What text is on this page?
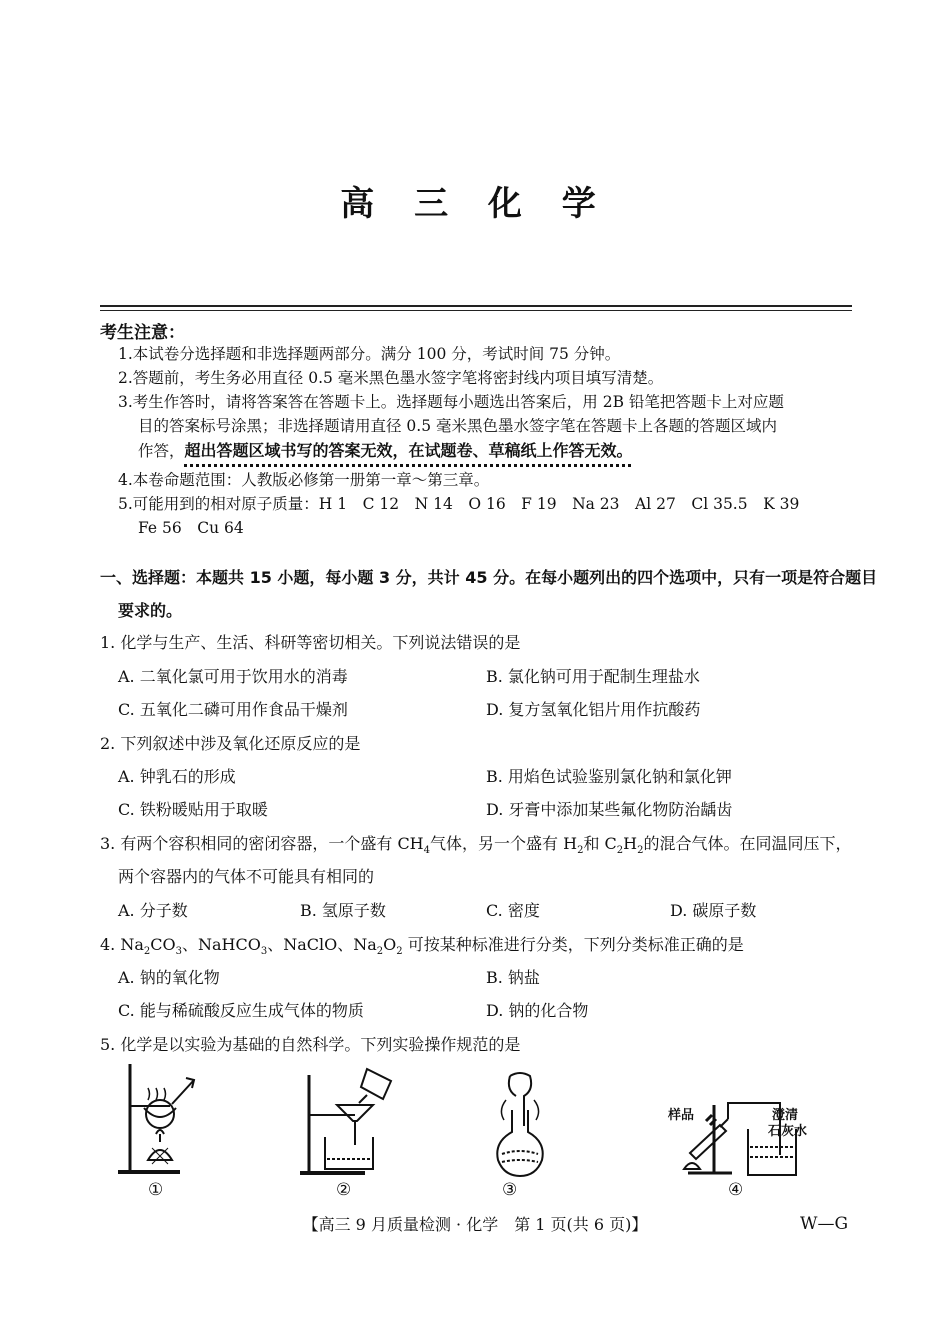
高 三 化 学
考生注意：
1.本试卷分选择题和非选择题两部分。满分 100 分，考试时间 75 分钟。
2.答题前，考生务必用直径 0.5 毫米黑色墨水签字笔将密封线内项目填写清楚。
3.考生作答时，请将答案答在答题卡上。选择题每小题选出答案后，用 2B 铅笔把答题卡上对应题
目的答案标号涂黑；非选择题请用直径 0.5 毫米黑色墨水签字笔在答题卡上各题的答题区域内
作答，超出答题区域书写的答案无效，在试题卷、草稿纸上作答无效。
4.本卷命题范围：人教版必修第一册第一章～第三章。
5.可能用到的相对原子质量：H 1　C 12　N 14　O 16　F 19　Na 23　Al 27　Cl 35.5　K 39
Fe 56　Cu 64
一、选择题：本题共 15 小题，每小题 3 分，共计 45 分。在每小题列出的四个选项中，只有一项是符合题目
要求的。
1. 化学与生产、生活、科研等密切相关。下列说法错误的是
A. 二氧化氯可用于饮用水的消毒	B. 氯化钠可用于配制生理盐水
C. 五氧化二磷可用作食品干燥剂	D. 复方氢氧化铝片用作抗酸药
2. 下列叙述中涉及氧化还原反应的是
A. 钟乳石的形成	B. 用焰色试验鉴别氯化钠和氯化钾
C. 铁粉暖贴用于取暖	D. 牙膏中添加某些氟化物防治龋齿
3. 有两个容积相同的密闭容器，一个盛有 $CH_4$气体，另一个盛有 $H_2$和 $C_2H_2$的混合气体。在同温同压下，
两个容器内的气体不可能具有相同的
A. 分子数	B. 氢原子数	C. 密度	D. 碳原子数
4. $Na_2CO_3$、NaHCO$_3$、NaClO、$Na_2O_2$ 可按某种标准进行分类，下列分类标准正确的是
A. 钠的氧化物	B. 钠盐
C. 能与稀硫酸反应生成气体的物质	D. 钠的化合物
5. 化学是以实验为基础的自然科学。下列实验操作规范的是
①	②	③
样品	澄清
石灰水
④
【高三 9 月质量检测 · 化学　第 1 页(共 6 页)】	W—G
